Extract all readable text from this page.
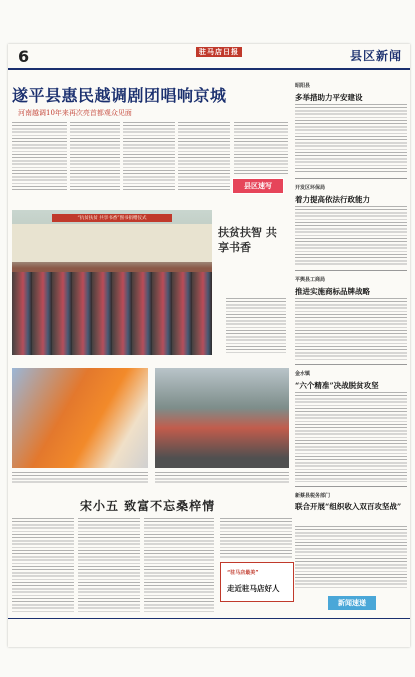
6	驻马店日报	县区新闻
遂平县惠民越调剧团唱响京城
河南越调10年来再次亮首都观众见面
县区速写
“抗贫扶贫 共享书香”图书捐赠仪式
扶贫扶智 共享书香
宋小五 致富不忘桑梓情
“驻马店最美”
走近驻马店好人
昭阳县
多举措助力平安建设
开发区环保局
着力提高依法行政能力
平舆县工商局
推进实施商标品牌战略
金水镇
“六个精准”决战脱贫攻坚
新蔡县税务部门
联合开展“组织收入双百攻坚战”
新闻速递
